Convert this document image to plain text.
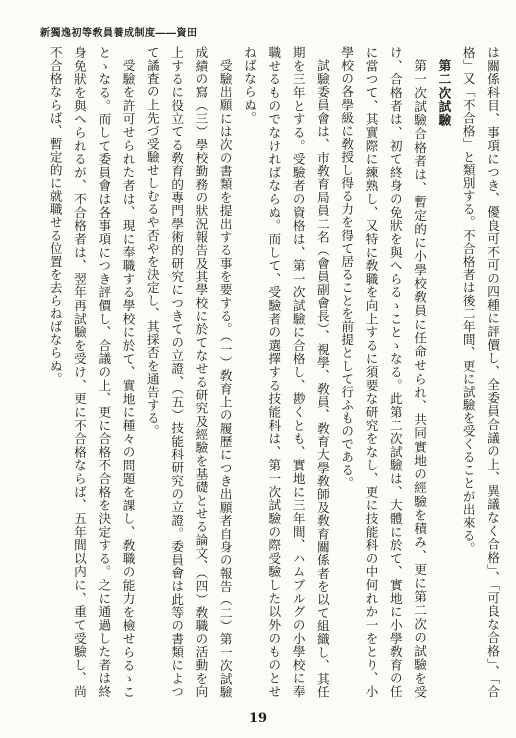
新獨逸初等敎員養成制度――資田

は關係科目、事項につき、優良可不可の四種に評價し、全委員合議の上、異議なく合格」、「可良な合格」、「合格」又「不合格」と類別する。不合格者は後二年間、更に試驗を受くることが出來る。

第二次試驗

第一次試驗合格者は、暫定的に小學校敎員に任命せられ、共同實地の經驗を積み、更に第二次の試驗を受け、合格者は、初て終身の免狀を與へらるゝことゝなる。此第二次試驗は、大體に於て、實地に小學敎育の任に當つて、其實際に練熟し、又特に敎職を向上するに須要な研究をなし、更に技能科の中何れか一をとり、小學校の各學級に敎授し得る力を得て居ることを前提として行ふものである。

試驗委員會は、市敎育局員二名（會員副會長）、視學、敎員、敎育大學敎師及敎育關係者を以て組織し、其任期を三年とする。受驗者の資格は、第一次試驗に合格し、尠くとも、實地に三年間、ハムブルグの小學校に奉職せるものでなければならぬ。而して、受驗者の選擇する技能科は、第一次試驗の際受驗した以外のものとせねばならぬ。

受驗出願には次の書類を提出する事を要する。（一）敎育上の履歷につき出願者自身の報告（二）第一次試驗成績の寫（三）學校勤務の狀況報告及其學校に於てなせる研究及經驗を基礎とせる論文、（四）敎職の活動を向上するに役立てる敎育的專門學術的研究につきての立證、（五）技能科研究の立證。委員會は此等の書類によつて譎査の上先づ受驗せしむるや否やを決定し、其採否を通告する。

受驗を許可せられた者は、現に奉職する學校に於て、實地に種々の問題を課し、敎職の能力を檢せらるゝことゝなる。而して委員會は各事項につき評價し、合議の上、更に合格不合格を決定する。之に通過した者は終身免狀を與へられるが、不合格者は、翌年再試驗を受け、更に不合格ならば、五年間以内に、重て受驗し、尚不合格ならば、暫定的に就職せる位置を去らねばならぬ。

19
